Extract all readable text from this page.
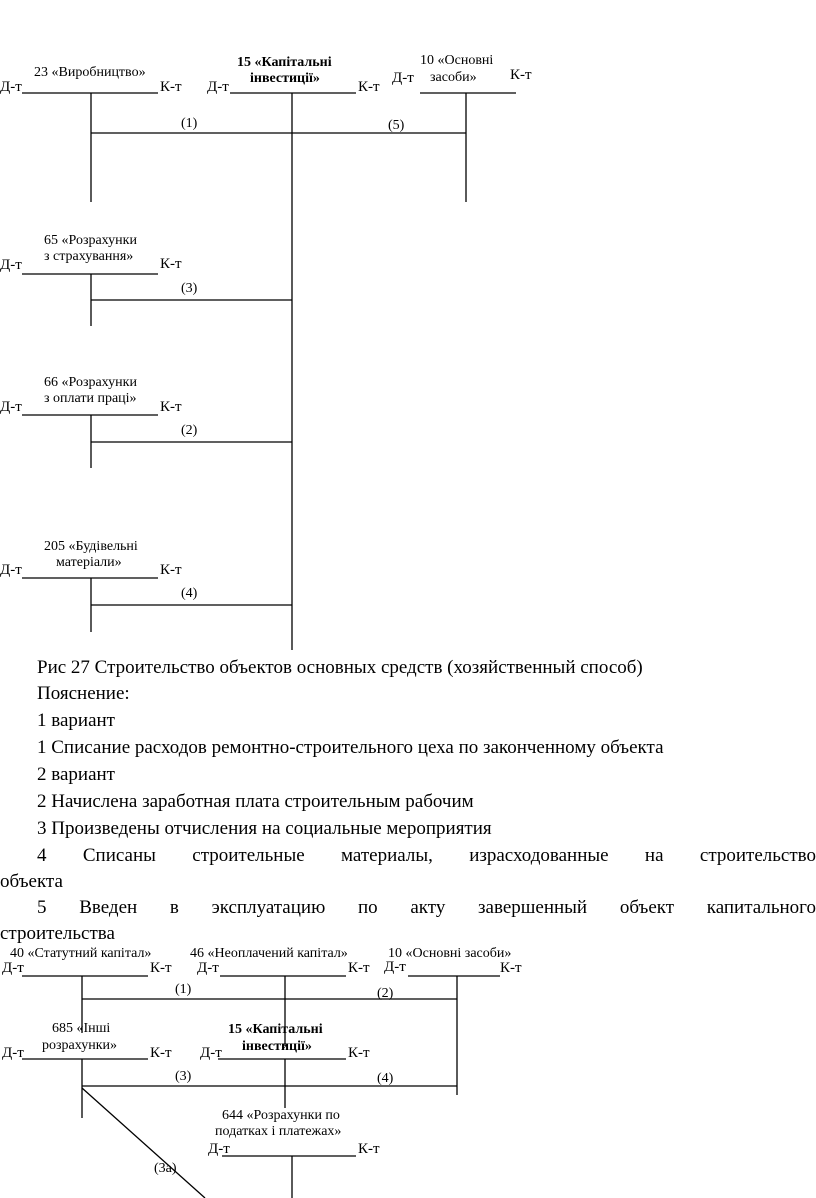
23 «Виробництво»
Д-т	К-т
15 «Капітальні
інвестиції»
Д-т	К-т
10 «Основні
засоби»
Д-т	К-т
(1)	(5)
65 «Розрахунки
з страхування»
Д-т	К-т
(3)
66 «Розрахунки
з оплати праці»
Д-т	К-т
(2)
205 «Будівельні
матеріали»
Д-т	К-т
(4)
Рис 27 Строительство объектов основных средств (хозяйственный способ)
Пояснение:
1 вариант
1 Списание расходов ремонтно-строительного цеха по законченному объекта
2 вариант
2 Начислена заработная плата строительным рабочим
3 Произведены отчисления на социальные мероприятия
4 Списаны строительные материалы, израсходованные на строительство
объекта
5 Введен в эксплуатацию по акту завершенный объект капитального
строительства
40 «Статутний капітал»
Д-т	К-т
46 «Неоплачений капітал»
Д-т	К-т
10 «Основні засоби»
Д-т	К-т
(1)	(2)
685 «Інші
розрахунки»
Д-т	К-т
15 «Капітальні
інвестиції»
Д-т	К-т
(3)	(4)
644 «Розрахунки по
податках і платежах»
Д-т	К-т
(3а)
